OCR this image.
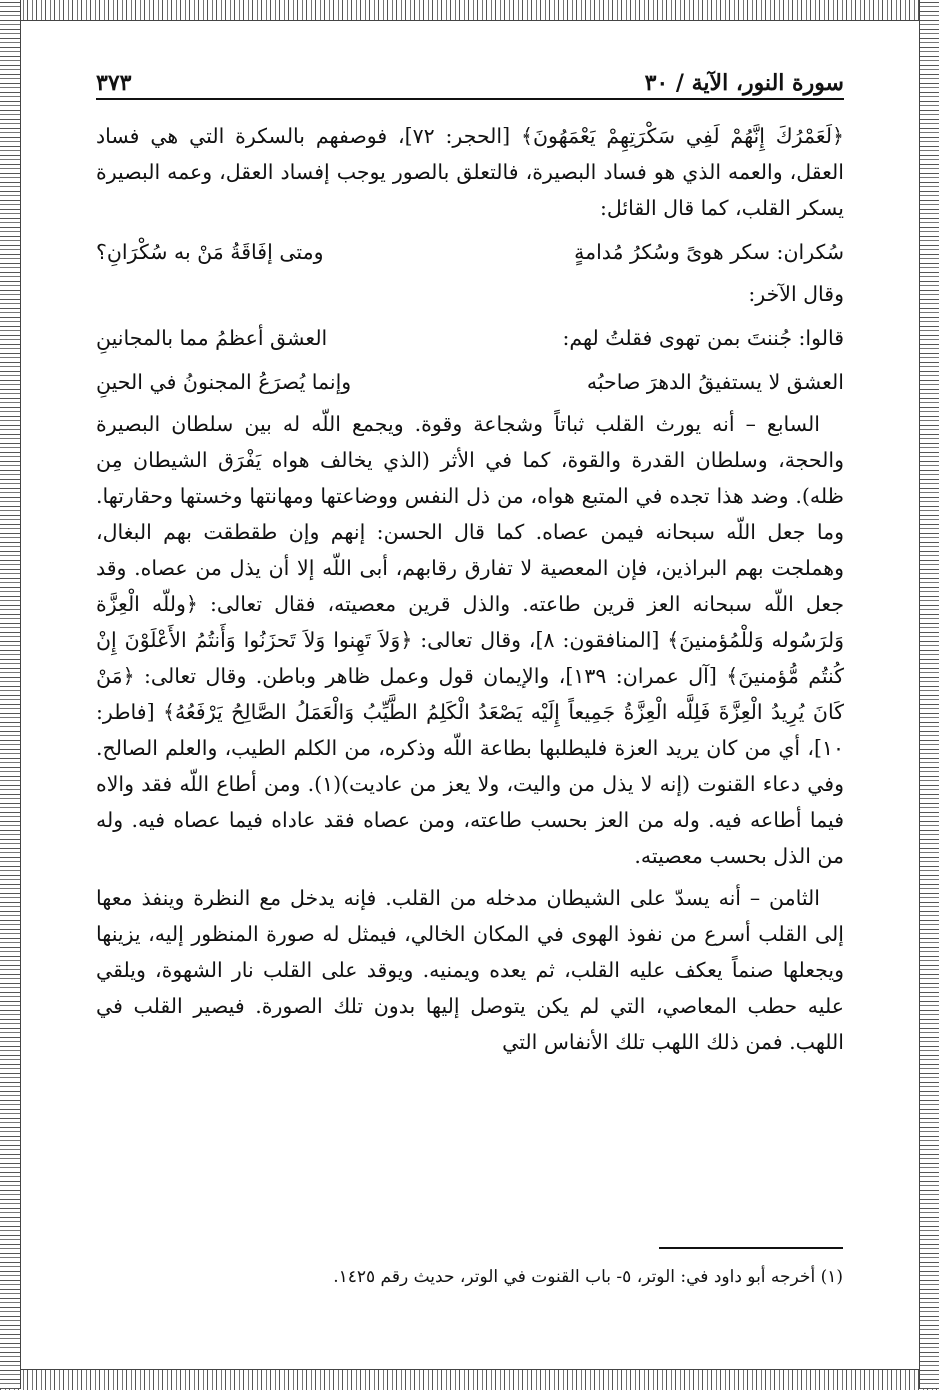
سورة النور، الآية / ٣٠
٣٧٣

﴿لَعَمْرُكَ إِنَّهُمْ لَفِي سَكْرَتِهِمْ يَعْمَهُونَ﴾ [الحجر: ٧٢]، فوصفهم بالسكرة التي هي فساد العقل، والعمه الذي هو فساد البصيرة، فالتعلق بالصور يوجب إفساد العقل، وعمه البصيرة يسكر القلب، كما قال القائل:

سُكران: سكر هوىً وسُكرُ مُدامةٍ
ومتى إفَاقَةُ مَنْ به سُكْرَانِ؟

وقال الآخر:

قالوا: جُننتَ بمن تهوى فقلتُ لهم:
العشق أعظمُ مما بالمجانينِ
العشق لا يستفيقُ الدهرَ صاحبُه
وإنما يُصرَعُ المجنونُ في الحينِ

السابع – أنه يورث القلب ثباتاً وشجاعة وقوة. ويجمع اللّه له بين سلطان البصيرة والحجة، وسلطان القدرة والقوة، كما في الأثر (الذي يخالف هواه يَفْرَق الشيطان مِن ظله). وضد هذا تجده في المتبع هواه، من ذل النفس ووضاعتها ومهانتها وخستها وحقارتها. وما جعل اللّه سبحانه فيمن عصاه. كما قال الحسن: إنهم وإن طقطقت بهم البغال، وهملجت بهم البراذين، فإن المعصية لا تفارق رقابهم، أبى اللّه إلا أن يذل من عصاه. وقد جعل اللّه سبحانه العز قرين طاعته. والذل قرين معصيته، فقال تعالى: ﴿وللّه الْعِزَّة وَلرَسُوله وَللْمُؤمنينَ﴾ [المنافقون: ٨]، وقال تعالى: ﴿وَلاَ تَهِنوا وَلاَ تَحزَنُوا وَأَنتُمُ الأَعْلَوْنَ إِنْ كُنتُم مُّؤمنينَ﴾ [آل عمران: ١٣٩]، والإيمان قول وعمل ظاهر وباطن. وقال تعالى: ﴿مَنْ كَانَ يُرِيدُ الْعِزَّةَ فَلِلَّه الْعِزَّةُ جَمِيعاً إِلَيْه يَصْعَدُ الْكَلِمُ الطَّيِّبُ وَالْعَمَلُ الصَّالِحُ يَرْفَعُهُ﴾ [فاطر: ١٠]، أي من كان يريد العزة فليطلبها بطاعة اللّه وذكره، من الكلم الطيب، والعلم الصالح. وفي دعاء القنوت (إنه لا يذل من واليت، ولا يعز من عاديت)(١). ومن أطاع اللّه فقد والاه فيما أطاعه فيه. وله من العز بحسب طاعته، ومن عصاه فقد عاداه فيما عصاه فيه. وله من الذل بحسب معصيته.

الثامن – أنه يسدّ على الشيطان مدخله من القلب. فإنه يدخل مع النظرة وينفذ معها إلى القلب أسرع من نفوذ الهوى في المكان الخالي، فيمثل له صورة المنظور إليه، يزينها ويجعلها صنماً يعكف عليه القلب، ثم يعده ويمنيه. ويوقد على القلب نار الشهوة، ويلقي عليه حطب المعاصي، التي لم يكن يتوصل إليها بدون تلك الصورة. فيصير القلب في اللهب. فمن ذلك اللهب تلك الأنفاس التي

(١) أخرجه أبو داود في: الوتر، ٥- باب القنوت في الوتر، حديث رقم ١٤٢٥.
